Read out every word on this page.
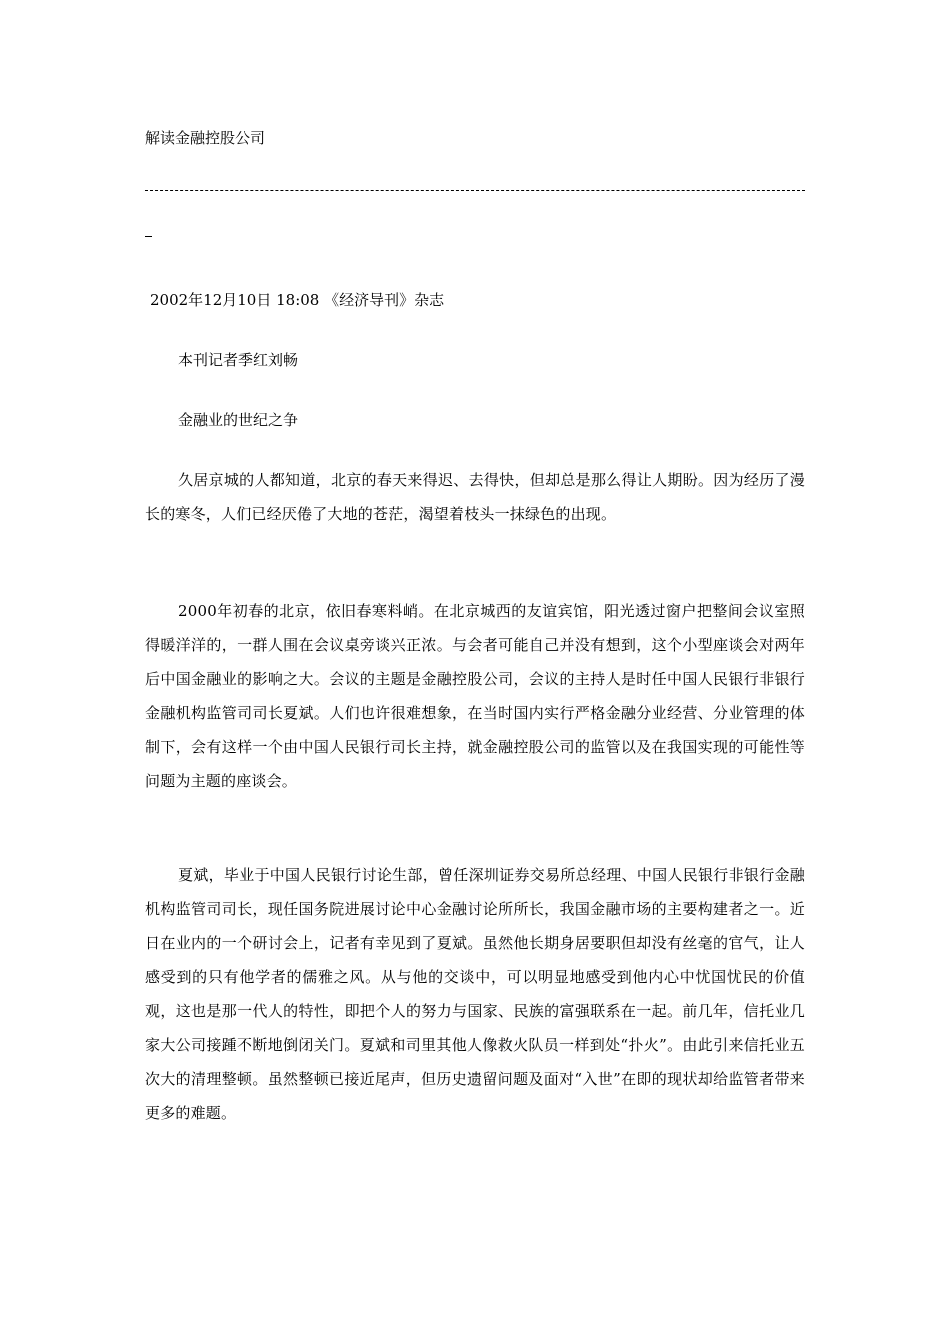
解读金融控股公司
2002年12月10日 18:08 《经济导刊》杂志
本刊记者季红刘畅
金融业的世纪之争

久居京城的人都知道，北京的春天来得迟、去得快，但却总是那么得让人期盼。因为经历了漫长的寒冬，人们已经厌倦了大地的苍茫，渴望着枝头一抹绿色的出现。

2000年初春的北京，依旧春寒料峭。在北京城西的友谊宾馆，阳光透过窗户把整间会议室照得暖洋洋的，一群人围在会议桌旁谈兴正浓。与会者可能自己并没有想到，这个小型座谈会对两年后中国金融业的影响之大。会议的主题是金融控股公司，会议的主持人是时任中国人民银行非银行金融机构监管司司长夏斌。人们也许很难想象，在当时国内实行严格金融分业经营、分业管理的体制下，会有这样一个由中国人民银行司长主持，就金融控股公司的监管以及在我国实现的可能性等问题为主题的座谈会。

夏斌，毕业于中国人民银行讨论生部，曾任深圳证券交易所总经理、中国人民银行非银行金融机构监管司司长，现任国务院进展讨论中心金融讨论所所长，我国金融市场的主要构建者之一。近日在业内的一个研讨会上，记者有幸见到了夏斌。虽然他长期身居要职但却没有丝毫的官气，让人感受到的只有他学者的儒雅之风。从与他的交谈中，可以明显地感受到他内心中忧国忧民的价值观，这也是那一代人的特性，即把个人的努力与国家、民族的富强联系在一起。前几年，信托业几家大公司接踵不断地倒闭关门。夏斌和司里其他人像救火队员一样到处“扑火”。由此引来信托业五次大的清理整顿。虽然整顿已接近尾声，但历史遗留问题及面对“入世”在即的现状却给监管者带来更多的难题。
